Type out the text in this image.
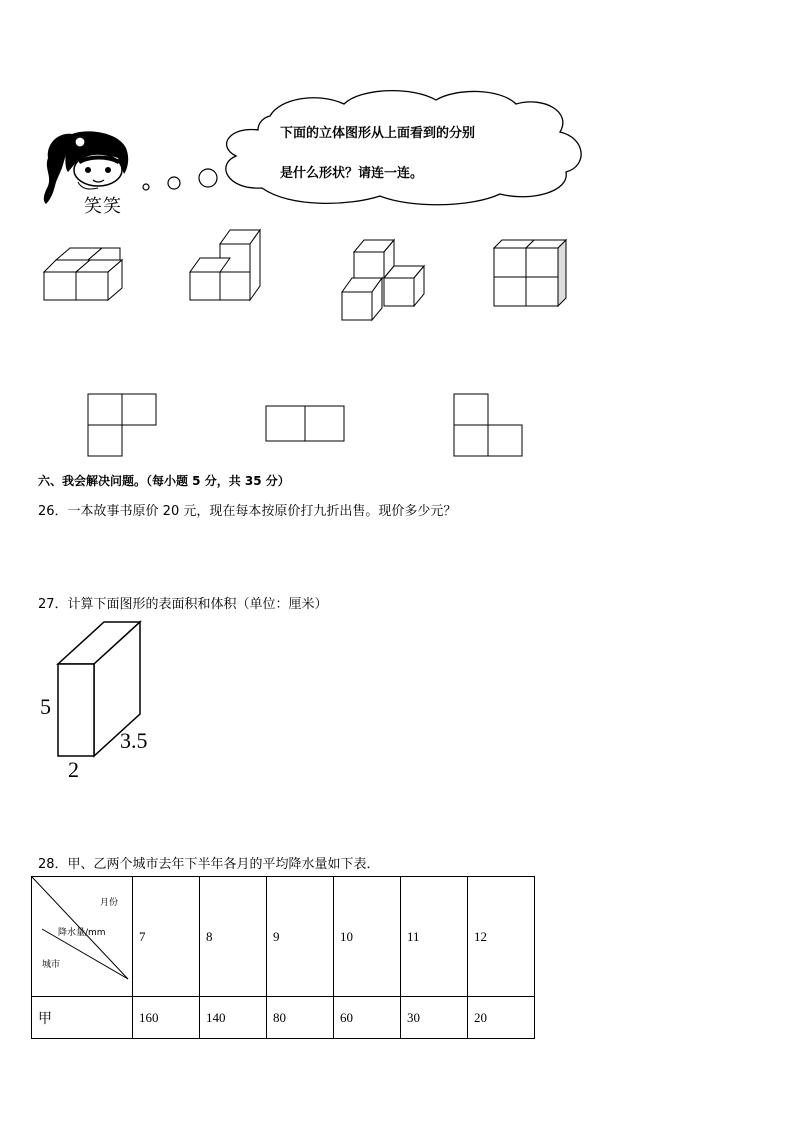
下面的立体图形从上面看到的分别
是什么形状？请连一连。
笑笑
六、我会解决问题。（每小题 5 分，共 35 分）
26．一本故事书原价 20 元，现在每本按原价打九折出售。现价多少元？
27．计算下面图形的表面积和体积（单位：厘米）
5
2
3.5
28．甲、乙两个城市去年下半年各月的平均降水量如下表．
月份
降水量/mm
城市	7	8	9	10	11	12
甲	160	140	80	60	30	20
